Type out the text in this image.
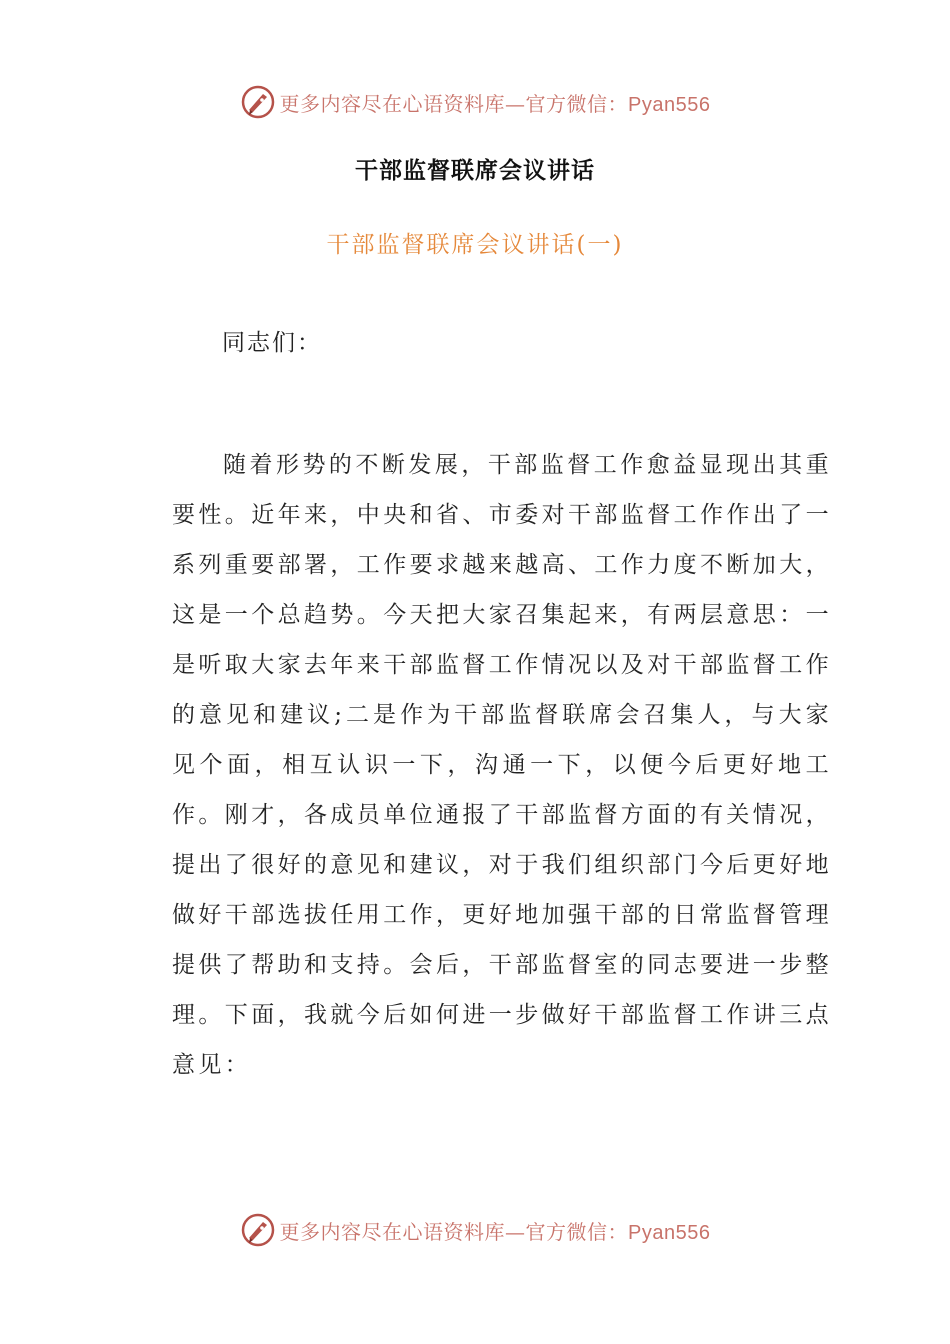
更多内容尽在心语资料库—官方微信：Pyan556
干部监督联席会议讲话
干部监督联席会议讲话(一)
同志们：

随着形势的不断发展，干部监督工作愈益显现出其重要性。近年来，中央和省、市委对干部监督工作作出了一系列重要部署，工作要求越来越高、工作力度不断加大，这是一个总趋势。今天把大家召集起来，有两层意思：一是听取大家去年来干部监督工作情况以及对干部监督工作的意见和建议;二是作为干部监督联席会召集人，与大家见个面，相互认识一下，沟通一下，以便今后更好地工作。刚才，各成员单位通报了干部监督方面的有关情况，提出了很好的意见和建议，对于我们组织部门今后更好地做好干部选拔任用工作，更好地加强干部的日常监督管理提供了帮助和支持。会后，干部监督室的同志要进一步整理。下面，我就今后如何进一步做好干部监督工作讲三点意见：

更多内容尽在心语资料库—官方微信：Pyan556
